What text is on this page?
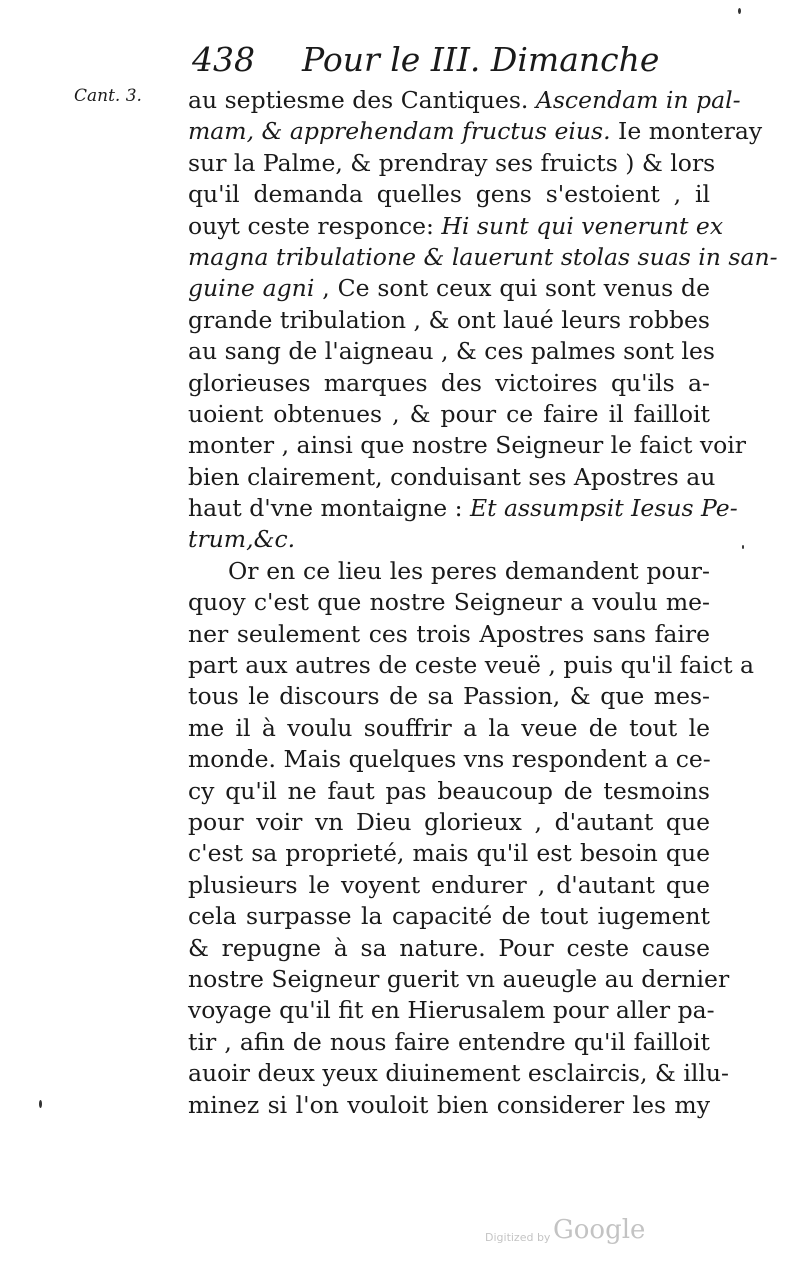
438 Pour le III. Dimanche
Cant. 3. au septiesme des Cantiques. Ascendam in pal-
mam, & apprehendam fructus eius. Ie monteray
sur la Palme, & prendray ses fruicts ) & lors
qu'il demanda quelles gens s'estoient , il
ouyt ceste responce: Hi sunt qui venerunt ex
magna tribulatione & lauerunt stolas suas in san-
guine agni , Ce sont ceux qui sont venus de
grande tribulation , & ont laué leurs robbes
au sang de l'aigneau , & ces palmes sont les
glorieuses marques des victoires qu'ils a-
uoient obtenues , & pour ce faire il failloit
monter , ainsi que nostre Seigneur le faict voir
bien clairement, conduisant ses Apostres au
haut d'vne montaigne : Et assumpsit Iesus Pe-
trum,&c.
Or en ce lieu les peres demandent pour-
quoy c'est que nostre Seigneur a voulu me-
ner seulement ces trois Apostres sans faire
part aux autres de ceste veuë , puis qu'il faict a
tous le discours de sa Passion, & que mes-
me il à voulu souffrir a la veue de tout le
monde. Mais quelques vns respondent a ce-
cy qu'il ne faut pas beaucoup de tesmoins
pour voir vn Dieu glorieux , d'autant que
c'est sa proprieté, mais qu'il est besoin que
plusieurs le voyent endurer , d'autant que
cela surpasse la capacité de tout iugement
& repugne à sa nature. Pour ceste cause
nostre Seigneur guerit vn aueugle au dernier
voyage qu'il fit en Hierusalem pour aller pa-
tir , afin de nous faire entendre qu'il failloit
auoir deux yeux diuinement esclaircis, & illu-
minez si l'on vouloit bien considerer les my
Digitized by Google
